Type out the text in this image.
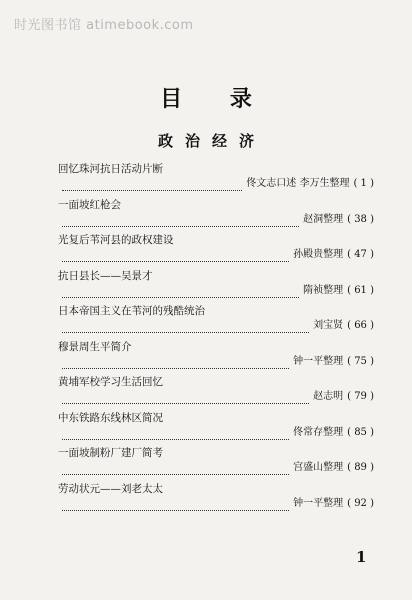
时光图书馆 atimebook.com
目 录
政治经济
回忆珠河抗日活动片断
佟文志口述 李万生整理 ( 1 )
一面坡红枪会
赵洞整理 ( 38 )
光复后苇河县的政权建设
孙殿贵整理 ( 47 )
抗日县长——吴景才
隋祯整理 ( 61 )
日本帝国主义在苇河的残酷统治
刘宝贤 ( 66 )
穆景周生平简介
钟一平整理 ( 75 )
黄埔军校学习生活回忆
赵志明 ( 79 )
中东铁路东线林区简况
佟常存整理 ( 85 )
一面坡制粉厂建厂简考
宫盛山整理 ( 89 )
劳动状元——刘老太太
钟一平整理 ( 92 )
1
